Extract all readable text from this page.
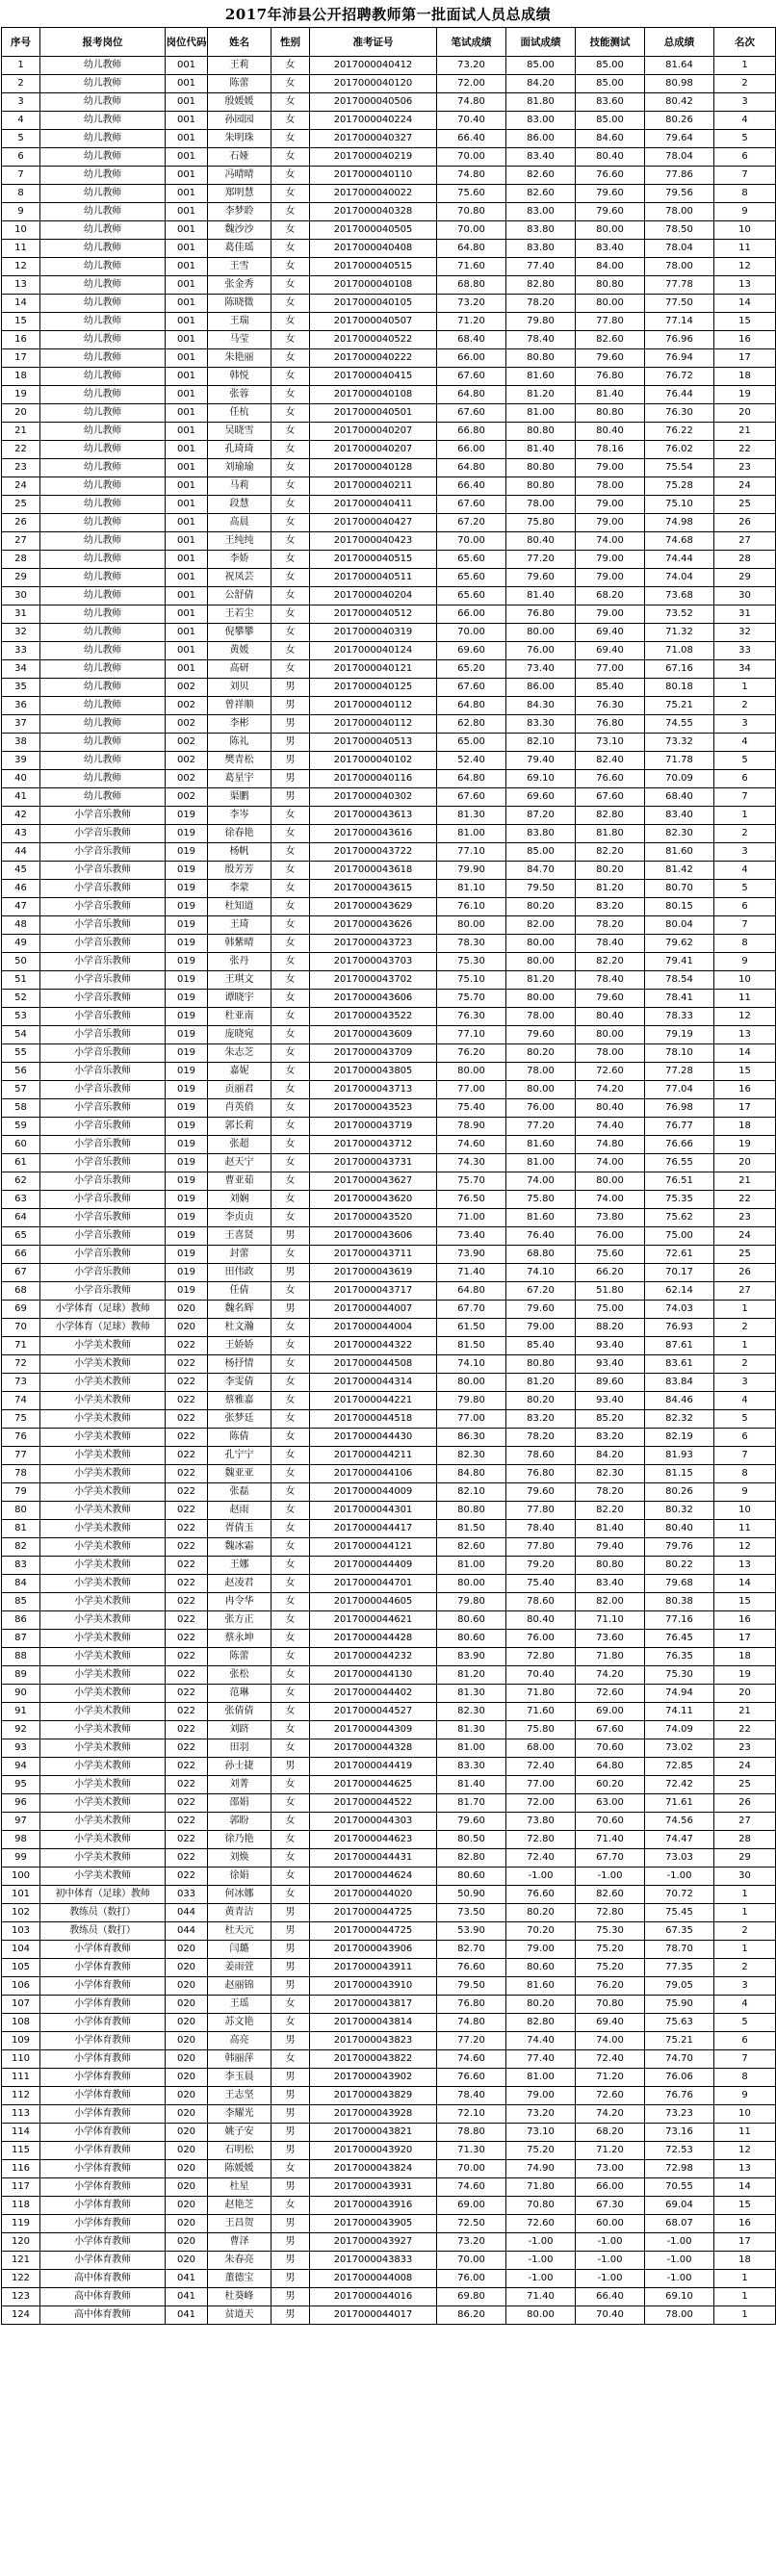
2017年沛县公开招聘教师第一批面试人员总成绩
序号	报考岗位	岗位代码	姓名	性别	准考证号	笔试成绩	面试成绩	技能测试	总成绩	名次
1	幼儿教师	001	王莉	女	2017000040412	73.20	85.00	85.00	81.64	1
2	幼儿教师	001	陈蕾	女	2017000040120	72.00	84.20	85.00	80.98	2
3	幼儿教师	001	殷媛媛	女	2017000040506	74.80	81.80	83.60	80.42	3
4	幼儿教师	001	孙园园	女	2017000040224	70.40	83.00	85.00	80.26	4
5	幼儿教师	001	朱明珠	女	2017000040327	66.40	86.00	84.60	79.64	5
6	幼儿教师	001	石娅	女	2017000040219	70.00	83.40	80.40	78.04	6
7	幼儿教师	001	冯晴晴	女	2017000040110	74.80	82.60	76.60	77.86	7
8	幼儿教师	001	郑明慧	女	2017000040022	75.60	82.60	79.60	79.56	8
9	幼儿教师	001	李梦聆	女	2017000040328	70.80	83.00	79.60	78.00	9
10	幼儿教师	001	魏沙沙	女	2017000040505	70.00	83.80	80.00	78.50	10
11	幼儿教师	001	葛佳瑶	女	2017000040408	64.80	83.80	83.40	78.04	11
12	幼儿教师	001	王雪	女	2017000040515	71.60	77.40	84.00	78.00	12
13	幼儿教师	001	张金秀	女	2017000040108	68.80	82.80	80.80	77.78	13
14	幼儿教师	001	陈晓微	女	2017000040105	73.20	78.20	80.00	77.50	14
15	幼儿教师	001	王瑞	女	2017000040507	71.20	79.80	77.80	77.14	15
16	幼儿教师	001	马莹	女	2017000040522	68.40	78.40	82.60	76.96	16
17	幼儿教师	001	朱艳丽	女	2017000040222	66.00	80.80	79.60	76.94	17
18	幼儿教师	001	韩悦	女	2017000040415	67.60	81.60	76.80	76.72	18
19	幼儿教师	001	张蓉	女	2017000040108	64.80	81.20	81.40	76.44	19
20	幼儿教师	001	任杭	女	2017000040501	67.60	81.00	80.80	76.30	20
21	幼儿教师	001	吴晓雪	女	2017000040207	66.80	80.80	80.40	76.22	21
22	幼儿教师	001	孔琦琦	女	2017000040207	66.00	81.40	78.16	76.02	22
23	幼儿教师	001	刘瑜瑜	女	2017000040128	64.80	80.80	79.00	75.54	23
24	幼儿教师	001	马莉	女	2017000040211	66.40	80.80	78.00	75.28	24
25	幼儿教师	001	段慧	女	2017000040411	67.60	78.00	79.00	75.10	25
26	幼儿教师	001	高晨	女	2017000040427	67.20	75.80	79.00	74.98	26
27	幼儿教师	001	王纯纯	女	2017000040423	70.00	80.40	74.00	74.68	27
28	幼儿教师	001	李娇	女	2017000040515	65.60	77.20	79.00	74.44	28
29	幼儿教师	001	祝凤芸	女	2017000040511	65.60	79.60	79.00	74.04	29
30	幼儿教师	001	公舒倩	女	2017000040204	65.60	81.40	68.20	73.68	30
31	幼儿教师	001	王若尘	女	2017000040512	66.00	76.80	79.00	73.52	31
32	幼儿教师	001	倪攀攀	女	2017000040319	70.00	80.00	69.40	71.32	32
33	幼儿教师	001	黄媛	女	2017000040124	69.60	76.00	69.40	71.08	33
34	幼儿教师	001	高研	女	2017000040121	65.20	73.40	77.00	67.16	34
35	幼儿教师	002	刘贝	男	2017000040125	67.60	86.00	85.40	80.18	1
36	幼儿教师	002	曾祥顺	男	2017000040112	64.80	84.30	76.30	75.21	2
37	幼儿教师	002	李彬	男	2017000040112	62.80	83.30	76.80	74.55	3
38	幼儿教师	002	陈礼	男	2017000040513	65.00	82.10	73.10	73.32	4
39	幼儿教师	002	樊青松	男	2017000040102	52.40	79.40	82.40	71.78	5
40	幼儿教师	002	葛星宇	男	2017000040116	64.80	69.10	76.60	70.09	6
41	幼儿教师	002	渠鹏	男	2017000040302	67.60	69.60	67.60	68.40	7
42	小学音乐教师	019	李岑	女	2017000043613	81.30	87.20	82.80	83.40	1
43	小学音乐教师	019	徐春艳	女	2017000043616	81.00	83.80	81.80	82.30	2
44	小学音乐教师	019	杨帆	女	2017000043722	77.10	85.00	82.20	81.60	3
45	小学音乐教师	019	殷芳芳	女	2017000043618	79.90	84.70	80.20	81.42	4
46	小学音乐教师	019	李蒙	女	2017000043615	81.10	79.50	81.20	80.70	5
47	小学音乐教师	019	杜知道	女	2017000043629	76.10	80.20	83.20	80.15	6
48	小学音乐教师	019	王琦	女	2017000043626	80.00	82.00	78.20	80.04	7
49	小学音乐教师	019	韩紫晴	女	2017000043723	78.30	80.00	78.40	79.62	8
50	小学音乐教师	019	张丹	女	2017000043703	75.30	80.00	82.20	79.41	9
51	小学音乐教师	019	王琪文	女	2017000043702	75.10	81.20	78.40	78.54	10
52	小学音乐教师	019	谭晓宇	女	2017000043606	75.70	80.00	79.60	78.41	11
53	小学音乐教师	019	杜亚南	女	2017000043522	76.30	78.00	80.40	78.33	12
54	小学音乐教师	019	庞晓宛	女	2017000043609	77.10	79.60	80.00	79.19	13
55	小学音乐教师	019	朱志芝	女	2017000043709	76.20	80.20	78.00	78.10	14
56	小学音乐教师	019	嘉妮	女	2017000043805	80.00	78.00	72.60	77.28	15
57	小学音乐教师	019	贡丽君	女	2017000043713	77.00	80.00	74.20	77.04	16
58	小学音乐教师	019	肖英俏	女	2017000043523	75.40	76.00	80.40	76.98	17
59	小学音乐教师	019	郭长莉	女	2017000043719	78.90	77.20	74.40	76.77	18
60	小学音乐教师	019	张超	女	2017000043712	74.60	81.60	74.80	76.66	19
61	小学音乐教师	019	赵天宁	女	2017000043731	74.30	81.00	74.00	76.55	20
62	小学音乐教师	019	曹亚茹	女	2017000043627	75.70	74.00	80.00	76.51	21
63	小学音乐教师	019	刘娴	女	2017000043620	76.50	75.80	74.00	75.35	22
64	小学音乐教师	019	李贞贞	女	2017000043520	71.00	81.60	73.80	75.62	23
65	小学音乐教师	019	王喜贤	男	2017000043606	73.40	76.40	76.00	75.00	24
66	小学音乐教师	019	封蕾	女	2017000043711	73.90	68.80	75.60	72.61	25
67	小学音乐教师	019	田伟政	男	2017000043619	71.40	74.10	66.20	70.17	26
68	小学音乐教师	019	任倩	女	2017000043717	64.80	67.20	51.80	62.14	27
69	小学体育（足球）教师	020	魏名辉	男	2017000044007	67.70	79.60	75.00	74.03	1
70	小学体育（足球）教师	020	杜文瀚	女	2017000044004	61.50	79.00	88.20	76.93	2
71	小学美术教师	022	王娇娇	女	2017000044322	81.50	85.40	93.40	87.61	1
72	小学美术教师	022	杨抒情	女	2017000044508	74.10	80.80	93.40	83.61	2
73	小学美术教师	022	李雯倩	女	2017000044314	80.00	81.20	89.60	83.84	3
74	小学美术教师	022	蔡雅嘉	女	2017000044221	79.80	80.20	93.40	84.46	4
75	小学美术教师	022	张梦廷	女	2017000044518	77.00	83.20	85.20	82.32	5
76	小学美术教师	022	陈倩	女	2017000044430	86.30	78.20	83.20	82.19	6
77	小学美术教师	022	孔宁宁	女	2017000044211	82.30	78.60	84.20	81.93	7
78	小学美术教师	022	魏亚亚	女	2017000044106	84.80	76.80	82.30	81.15	8
79	小学美术教师	022	张磊	女	2017000044009	82.10	79.60	78.20	80.26	9
80	小学美术教师	022	赵雨	女	2017000044301	80.80	77.80	82.20	80.32	10
81	小学美术教师	022	胥倩玉	女	2017000044417	81.50	78.40	81.40	80.40	11
82	小学美术教师	022	魏冰霜	女	2017000044121	82.60	77.80	79.40	79.76	12
83	小学美术教师	022	王娜	女	2017000044409	81.00	79.20	80.80	80.22	13
84	小学美术教师	022	赵凌君	女	2017000044701	80.00	75.40	83.40	79.68	14
85	小学美术教师	022	冉令华	女	2017000044605	79.80	78.60	82.00	80.38	15
86	小学美术教师	022	张方正	女	2017000044621	80.60	80.40	71.10	77.16	16
87	小学美术教师	022	蔡永坤	女	2017000044428	80.60	76.00	73.60	76.45	17
88	小学美术教师	022	陈蕾	女	2017000044232	83.90	72.80	71.80	76.35	18
89	小学美术教师	022	张松	女	2017000044130	81.20	70.40	74.20	75.30	19
90	小学美术教师	022	范琳	女	2017000044402	81.30	71.80	72.60	74.94	20
91	小学美术教师	022	张倩倩	女	2017000044527	82.30	71.60	69.00	74.11	21
92	小学美术教师	022	刘跻	女	2017000044309	81.30	75.80	67.60	74.09	22
93	小学美术教师	022	田羽	女	2017000044328	81.00	68.00	70.60	73.02	23
94	小学美术教师	022	孙士捷	男	2017000044419	83.30	72.40	64.80	72.85	24
95	小学美术教师	022	刘菁	女	2017000044625	81.40	77.00	60.20	72.42	25
96	小学美术教师	022	邵娟	女	2017000044522	81.70	72.00	63.00	71.61	26
97	小学美术教师	022	郭盼	女	2017000044303	79.60	73.80	70.60	74.56	27
98	小学美术教师	022	徐乃艳	女	2017000044623	80.50	72.80	71.40	74.47	28
99	小学美术教师	022	刘焕	女	2017000044431	82.80	72.40	67.70	73.03	29
100	小学美术教师	022	徐娟	女	2017000044624	80.60	-1.00	-1.00	-1.00	30
101	初中体育（足球）教师	033	何冰娜	女	2017000044020	50.90	76.60	82.60	70.72	1
102	教练员（数打）	044	黄青洁	男	2017000044725	73.50	80.20	72.80	75.45	1
103	教练员（数打）	044	杜天元	男	2017000044725	53.90	70.20	75.30	67.35	2
104	小学体育教师	020	闫璐	男	2017000043906	82.70	79.00	75.20	78.70	1
105	小学体育教师	020	姜雨萱	男	2017000043911	76.60	80.60	75.20	77.35	2
106	小学体育教师	020	赵丽锦	男	2017000043910	79.50	81.60	76.20	79.05	3
107	小学体育教师	020	王瑶	女	2017000043817	76.80	80.20	70.80	75.90	4
108	小学体育教师	020	苏文艳	女	2017000043814	74.80	82.80	69.40	75.63	5
109	小学体育教师	020	高亮	男	2017000043823	77.20	74.40	74.00	75.21	6
110	小学体育教师	020	韩丽萍	女	2017000043822	74.60	77.40	72.40	74.70	7
111	小学体育教师	020	李玉晨	男	2017000043902	76.60	81.00	71.20	76.06	8
112	小学体育教师	020	王志坚	男	2017000043829	78.40	79.00	72.60	76.76	9
113	小学体育教师	020	李耀光	男	2017000043928	72.10	73.20	74.20	73.23	10
114	小学体育教师	020	姚子安	男	2017000043821	78.80	73.10	68.20	73.16	11
115	小学体育教师	020	石明松	男	2017000043920	71.30	75.20	71.20	72.53	12
116	小学体育教师	020	陈媛媛	女	2017000043824	70.00	74.90	73.00	72.98	13
117	小学体育教师	020	杜星	男	2017000043931	74.60	71.80	66.00	70.55	14
118	小学体育教师	020	赵艳芝	女	2017000043916	69.00	70.80	67.30	69.04	15
119	小学体育教师	020	王昌贺	男	2017000043905	72.50	72.60	60.00	68.07	16
120	小学体育教师	020	曹泽	男	2017000043927	73.20	-1.00	-1.00	-1.00	17
121	小学体育教师	020	朱春亮	男	2017000043833	70.00	-1.00	-1.00	-1.00	18
122	高中体育教师	041	董德宝	男	2017000044008	76.00	-1.00	-1.00	-1.00	1
123	高中体育教师	041	杜葵峰	男	2017000044016	69.80	71.40	66.40	69.10	1
124	高中体育教师	041	贫道天	男	2017000044017	86.20	80.00	70.40	78.00	1
